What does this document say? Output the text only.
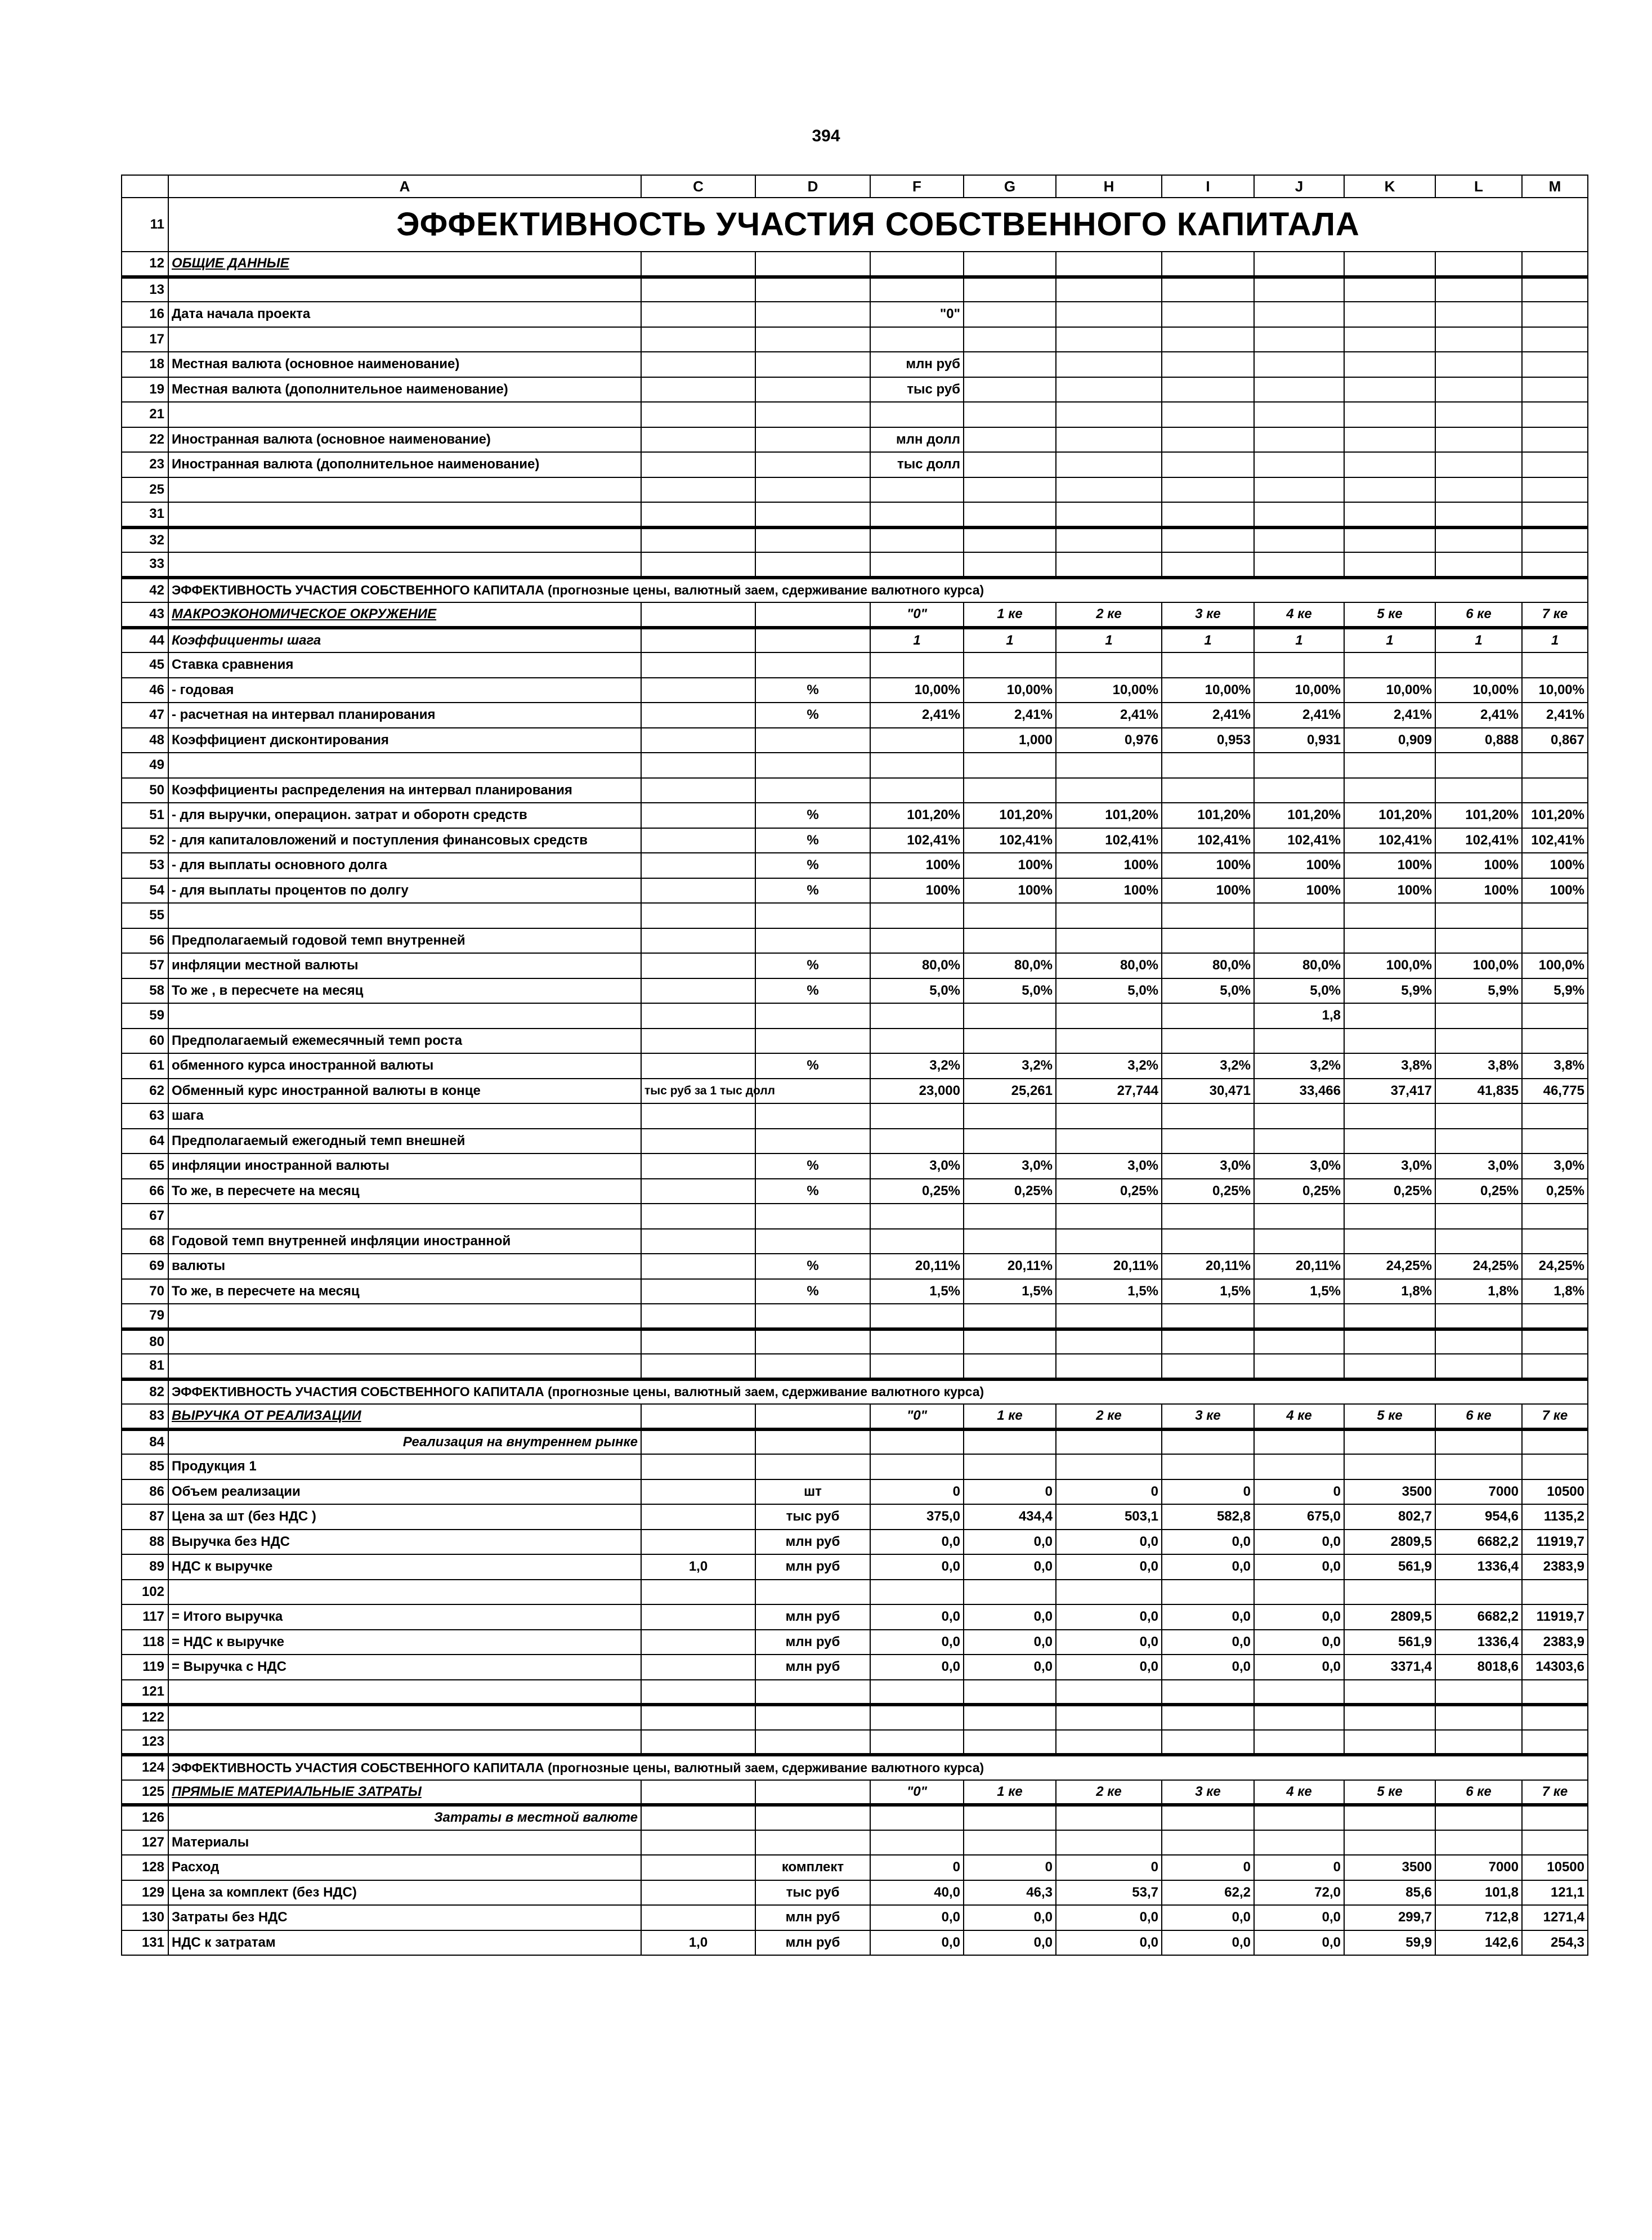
394
	A	C	D	F	G	H	I	J	K	L	M
11	ЭФФЕКТИВНОСТЬ УЧАСТИЯ СОБСТВЕННОГО КАПИТАЛА										
12	ОБЩИЕ ДАННЫЕ										
13											
16	Дата начала проекта			"0"							
17											
18	Местная валюта (основное наименование)			млн руб							
19	Местная валюта (дополнительное наименование)			тыс руб							
21											
22	Иностранная валюта (основное наименование)			млн долл							
23	Иностранная валюта (дополнительное наименование)			тыс долл							
25											
31											
32											
33											
42	ЭФФЕКТИВНОСТЬ УЧАСТИЯ СОБСТВЕННОГО КАПИТАЛА (прогнозные цены, валютный заем, сдерживание валютного курса)										
43	МАКРОЭКОНОМИЧЕСКОЕ ОКРУЖЕНИЕ			"0"	1 ке	2 ке	3 ке	4 ке	5 ке	6 ке	7 ке
44	Коэффициенты шага			1	1	1	1	1	1	1	1
45	Ставка сравнения										
46	- годовая		%	10,00%	10,00%	10,00%	10,00%	10,00%	10,00%	10,00%	10,00%
47	- расчетная на интервал планирования		%	2,41%	2,41%	2,41%	2,41%	2,41%	2,41%	2,41%	2,41%
48	Коэффициент дисконтирования				1,000	0,976	0,953	0,931	0,909	0,888	0,867
49											
50	Коэффициенты распределения на интервал планирования										
51	- для выручки, операцион. затрат и оборотн средств		%	101,20%	101,20%	101,20%	101,20%	101,20%	101,20%	101,20%	101,20%
52	- для капиталовложений и поступления финансовых средств		%	102,41%	102,41%	102,41%	102,41%	102,41%	102,41%	102,41%	102,41%
53	- для выплаты основного долга		%	100%	100%	100%	100%	100%	100%	100%	100%
54	- для выплаты процентов по долгу		%	100%	100%	100%	100%	100%	100%	100%	100%
55											
56	Предполагаемый годовой темп внутренней										
57	инфляции местной валюты		%	80,0%	80,0%	80,0%	80,0%	80,0%	100,0%	100,0%	100,0%
58	То же , в пересчете на месяц		%	5,0%	5,0%	5,0%	5,0%	5,0%	5,9%	5,9%	5,9%
59								1,8			
60	Предполагаемый ежемесячный темп роста										
61	обменного курса иностранной валюты		%	3,2%	3,2%	3,2%	3,2%	3,2%	3,8%	3,8%	3,8%
62	Обменный курс иностранной валюты в конце	тыс руб за 1 тыс долл		23,000	25,261	27,744	30,471	33,466	37,417	41,835	46,775
63	шага										
64	Предполагаемый ежегодный темп внешней										
65	инфляции иностранной валюты		%	3,0%	3,0%	3,0%	3,0%	3,0%	3,0%	3,0%	3,0%
66	То же, в пересчете на месяц		%	0,25%	0,25%	0,25%	0,25%	0,25%	0,25%	0,25%	0,25%
67											
68	Годовой темп внутренней инфляции иностранной										
69	валюты		%	20,11%	20,11%	20,11%	20,11%	20,11%	24,25%	24,25%	24,25%
70	То же, в пересчете на месяц		%	1,5%	1,5%	1,5%	1,5%	1,5%	1,8%	1,8%	1,8%
79											
80											
81											
82	ЭФФЕКТИВНОСТЬ УЧАСТИЯ СОБСТВЕННОГО КАПИТАЛА (прогнозные цены, валютный заем, сдерживание валютного курса)										
83	ВЫРУЧКА ОТ РЕАЛИЗАЦИИ			"0"	1 ке	2 ке	3 ке	4 ке	5 ке	6 ке	7 ке
84	Реализация на внутреннем рынке										
85	Продукция 1										
86	Объем реализации		шт	0	0	0	0	0	3500	7000	10500
87	Цена за шт (без НДС )		тыс руб	375,0	434,4	503,1	582,8	675,0	802,7	954,6	1135,2
88	Выручка без НДС		млн руб	0,0	0,0	0,0	0,0	0,0	2809,5	6682,2	11919,7
89	НДС к выручке	1,0	млн руб	0,0	0,0	0,0	0,0	0,0	561,9	1336,4	2383,9
102											
117	= Итого выручка		млн руб	0,0	0,0	0,0	0,0	0,0	2809,5	6682,2	11919,7
118	= НДС к выручке		млн руб	0,0	0,0	0,0	0,0	0,0	561,9	1336,4	2383,9
119	= Выручка с НДС		млн руб	0,0	0,0	0,0	0,0	0,0	3371,4	8018,6	14303,6
121											
122											
123											
124	ЭФФЕКТИВНОСТЬ УЧАСТИЯ СОБСТВЕННОГО КАПИТАЛА (прогнозные цены, валютный заем, сдерживание валютного курса)										
125	ПРЯМЫЕ МАТЕРИАЛЬНЫЕ ЗАТРАТЫ			"0"	1 ке	2 ке	3 ке	4 ке	5 ке	6 ке	7 ке
126	Затраты в местной валюте										
127	Материалы										
128	Расход		комплект	0	0	0	0	0	3500	7000	10500
129	Цена за комплект (без НДС)		тыс руб	40,0	46,3	53,7	62,2	72,0	85,6	101,8	121,1
130	Затраты без НДС		млн руб	0,0	0,0	0,0	0,0	0,0	299,7	712,8	1271,4
131	НДС к затратам	1,0	млн руб	0,0	0,0	0,0	0,0	0,0	59,9	142,6	254,3
